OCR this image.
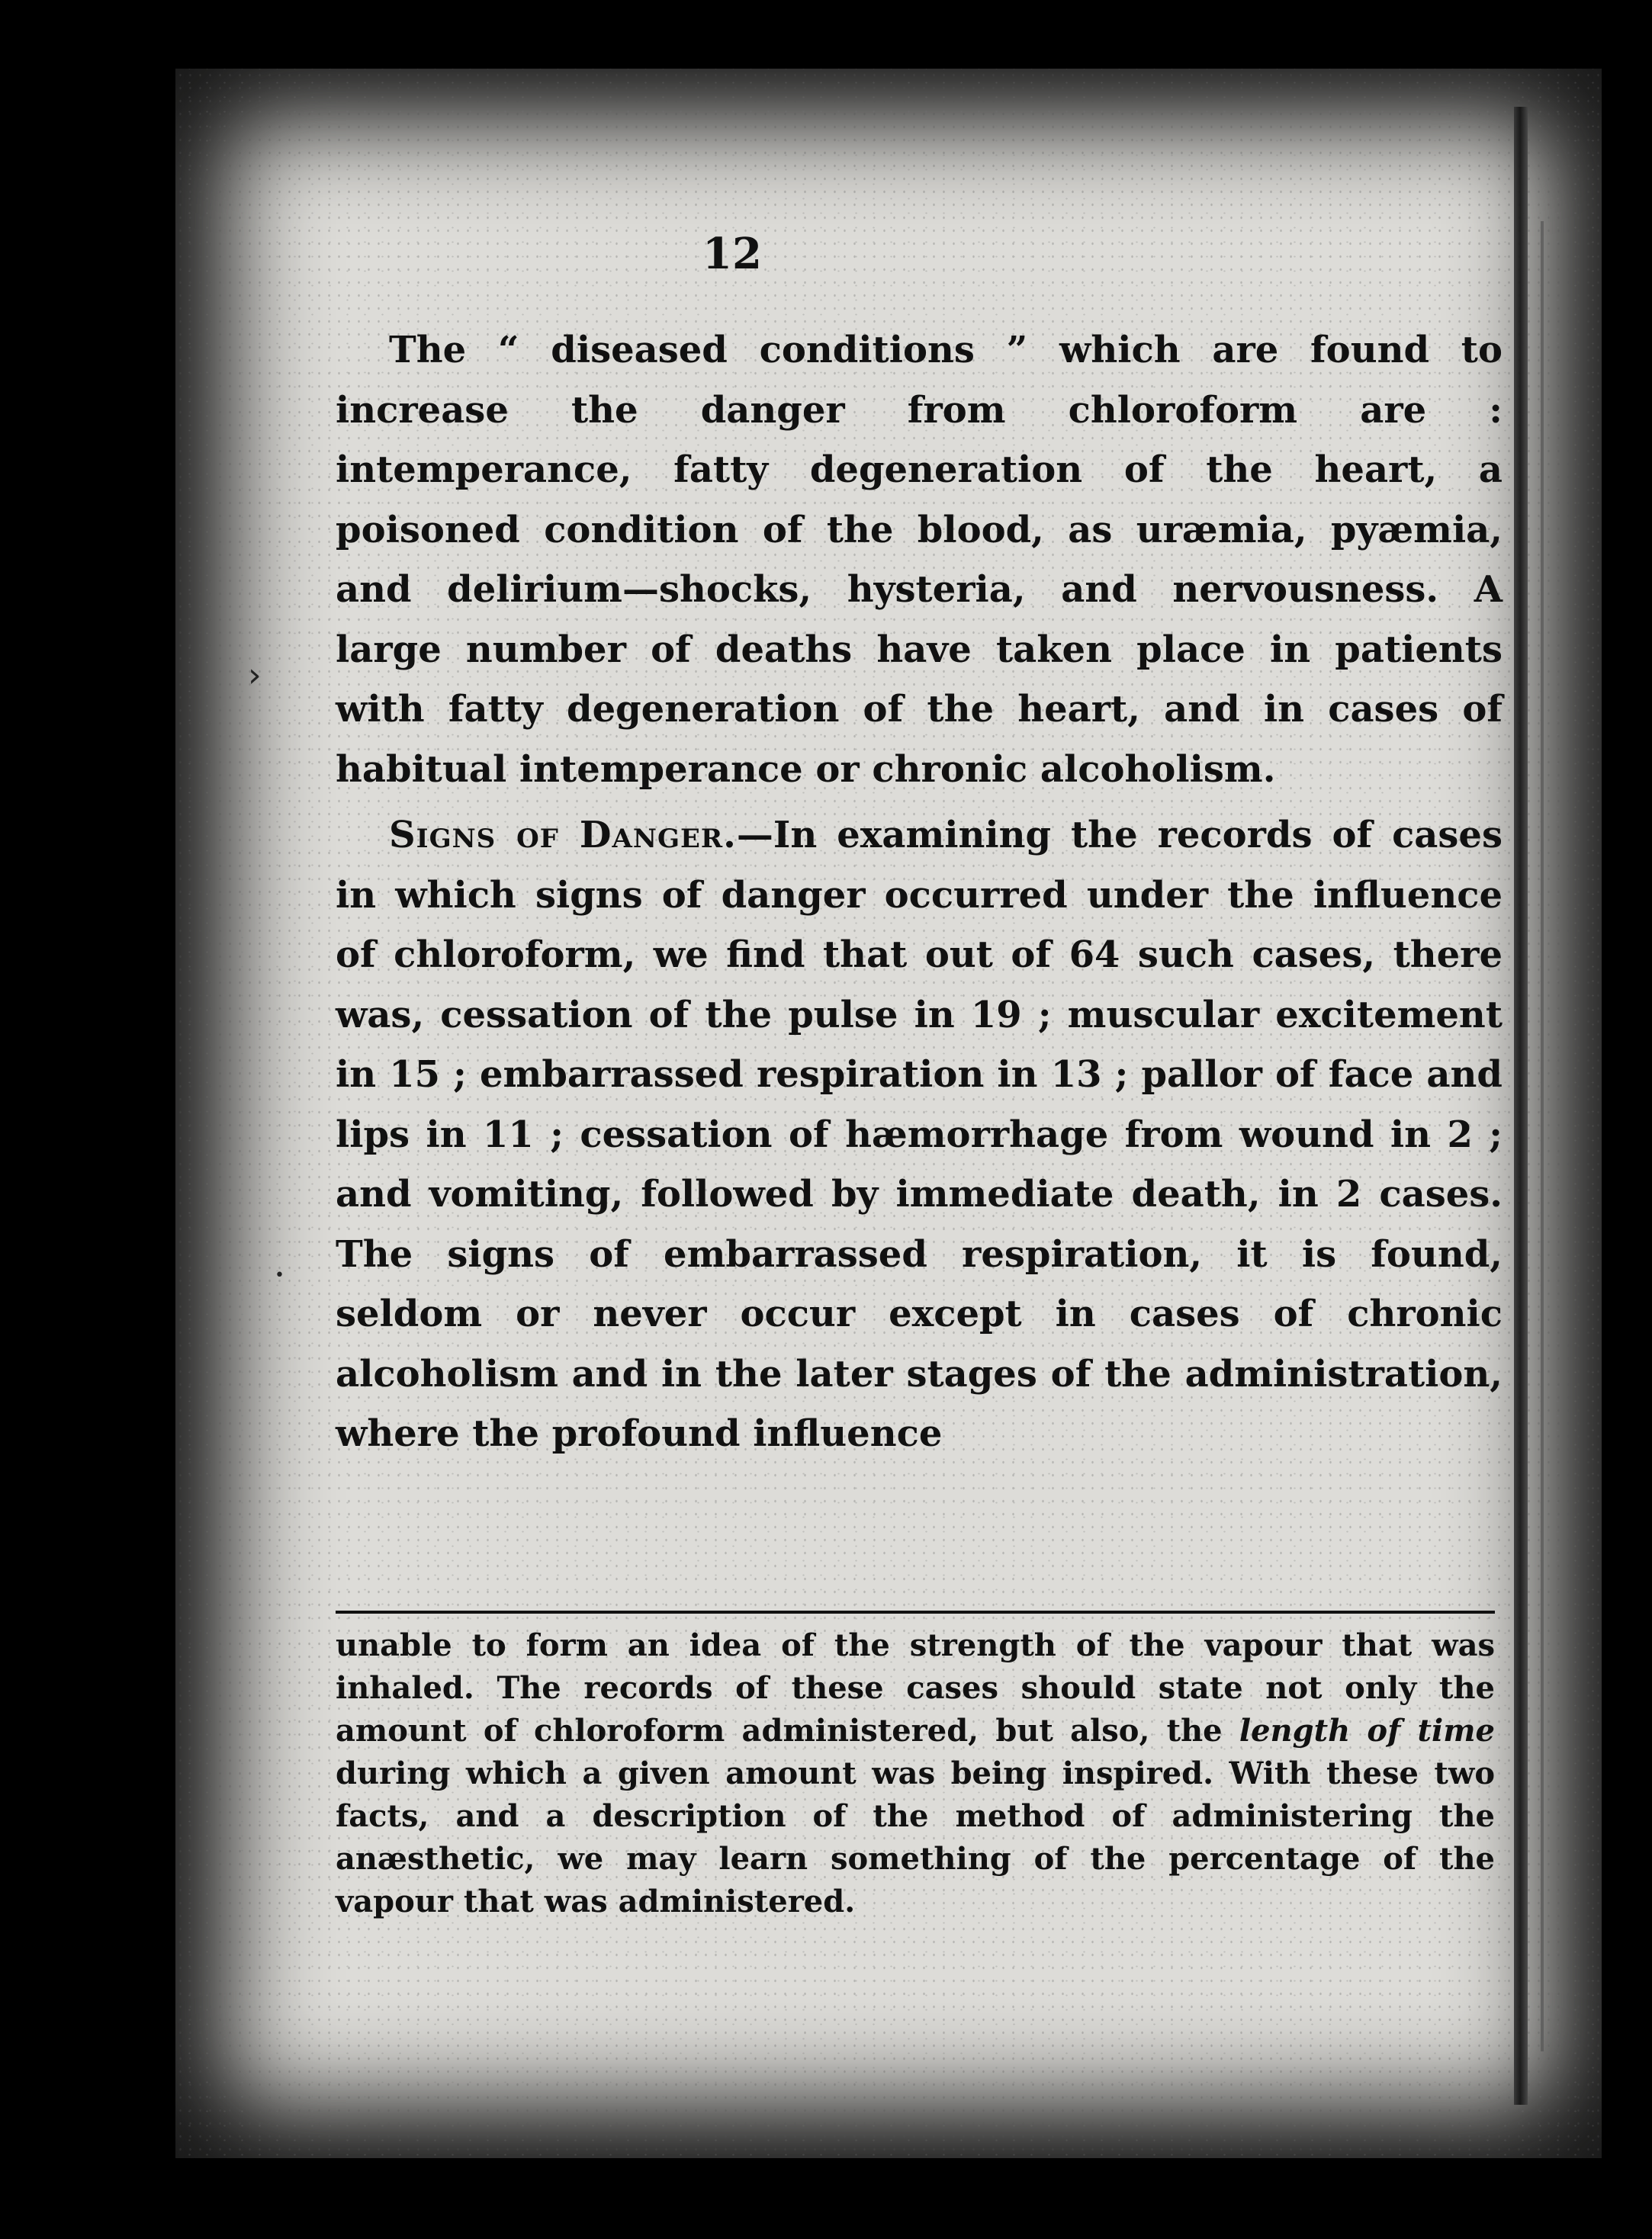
12

The “ diseased conditions ” which are found to increase the danger from chloroform are : intemperance, fatty degeneration of the heart, a poisoned condition of the blood, as uræmia, pyæmia, and delirium—shocks, hysteria, and nervousness. A large number of deaths have taken place in patients with fatty degeneration of the heart, and in cases of habitual intemperance or chronic alcoholism.

Signs of Danger.—In examining the records of cases in which signs of danger occurred under the influence of chloroform, we find that out of 64 such cases, there was, cessation of the pulse in 19 ; muscular excitement in 15 ; embarrassed respiration in 13 ; pallor of face and lips in 11 ; cessation of hæmorrhage from wound in 2 ; and vomiting, followed by immediate death, in 2 cases. The signs of embarrassed respiration, it is found, seldom or never occur except in cases of chronic alcoholism and in the later stages of the administration, where the profound influence

unable to form an idea of the strength of the vapour that was inhaled. The records of these cases should state not only the amount of chloroform administered, but also, the length of time during which a given amount was being inspired. With these two facts, and a description of the method of administering the anæsthetic, we may learn something of the percentage of the vapour that was administered.
›
•
